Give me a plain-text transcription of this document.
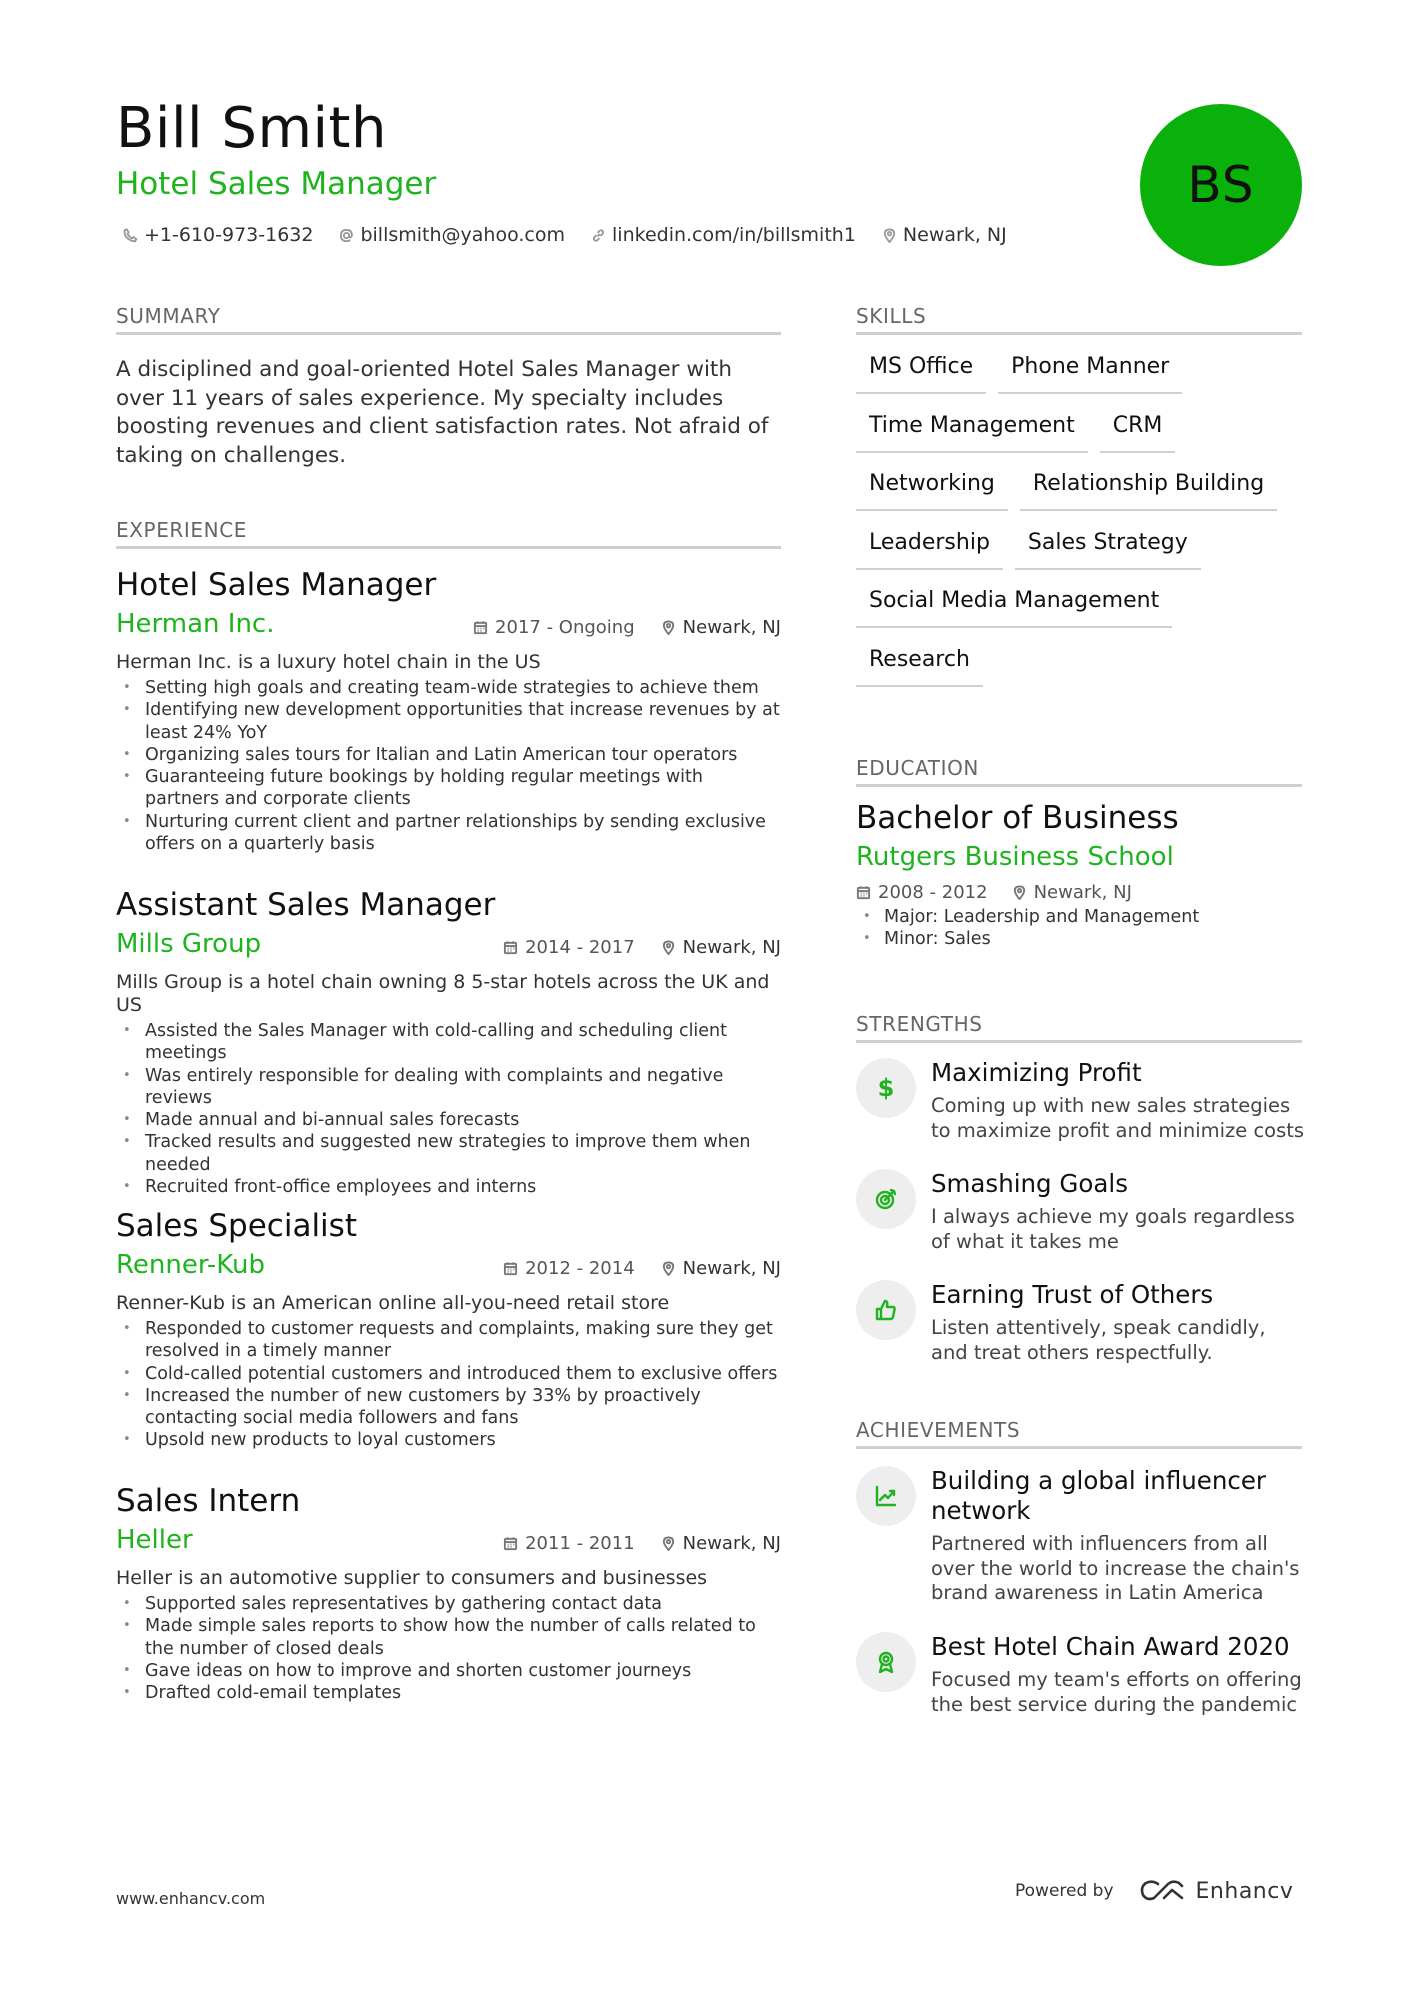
Bill Smith
Hotel Sales Manager
+1-610-973-1632 billsmith@yahoo.com linkedin.com/in/billsmith1 Newark, NJ
BS
SUMMARY
A disciplined and goal-oriented Hotel Sales Manager with over 11 years of sales experience. My specialty includes boosting revenues and client satisfaction rates. Not afraid of taking on challenges.
EXPERIENCE
Hotel Sales Manager
Herman Inc.	2017 - Ongoing	Newark, NJ
Herman Inc. is a luxury hotel chain in the US
• Setting high goals and creating team-wide strategies to achieve them
• Identifying new development opportunities that increase revenues by at least 24% YoY
• Organizing sales tours for Italian and Latin American tour operators
• Guaranteeing future bookings by holding regular meetings with partners and corporate clients
• Nurturing current client and partner relationships by sending exclusive offers on a quarterly basis
Assistant Sales Manager
Mills Group	2014 - 2017	Newark, NJ
Mills Group is a hotel chain owning 8 5-star hotels across the UK and US
• Assisted the Sales Manager with cold-calling and scheduling client meetings
• Was entirely responsible for dealing with complaints and negative reviews
• Made annual and bi-annual sales forecasts
• Tracked results and suggested new strategies to improve them when needed
• Recruited front-office employees and interns
Sales Specialist
Renner-Kub	2012 - 2014	Newark, NJ
Renner-Kub is an American online all-you-need retail store
• Responded to customer requests and complaints, making sure they get resolved in a timely manner
• Cold-called potential customers and introduced them to exclusive offers
• Increased the number of new customers by 33% by proactively contacting social media followers and fans
• Upsold new products to loyal customers
Sales Intern
Heller	2011 - 2011	Newark, NJ
Heller is an automotive supplier to consumers and businesses
• Supported sales representatives by gathering contact data
• Made simple sales reports to show how the number of calls related to the number of closed deals
• Gave ideas on how to improve and shorten customer journeys
• Drafted cold-email templates
SKILLS
MS Office	Phone Manner
Time Management	CRM
Networking	Relationship Building
Leadership	Sales Strategy
Social Media Management
Research
EDUCATION
Bachelor of Business
Rutgers Business School
2008 - 2012	Newark, NJ
• Major: Leadership and Management
• Minor: Sales
STRENGTHS
$
Maximizing Profit
Coming up with new sales strategies to maximize profit and minimize costs
Smashing Goals
I always achieve my goals regardless of what it takes me
Earning Trust of Others
Listen attentively, speak candidly, and treat others respectfully.
ACHIEVEMENTS
Building a global influencer network
Partnered with influencers from all over the world to increase the chain's brand awareness in Latin America
Best Hotel Chain Award 2020
Focused my team's efforts on offering the best service during the pandemic
www.enhancv.com	Powered by	Enhancv
